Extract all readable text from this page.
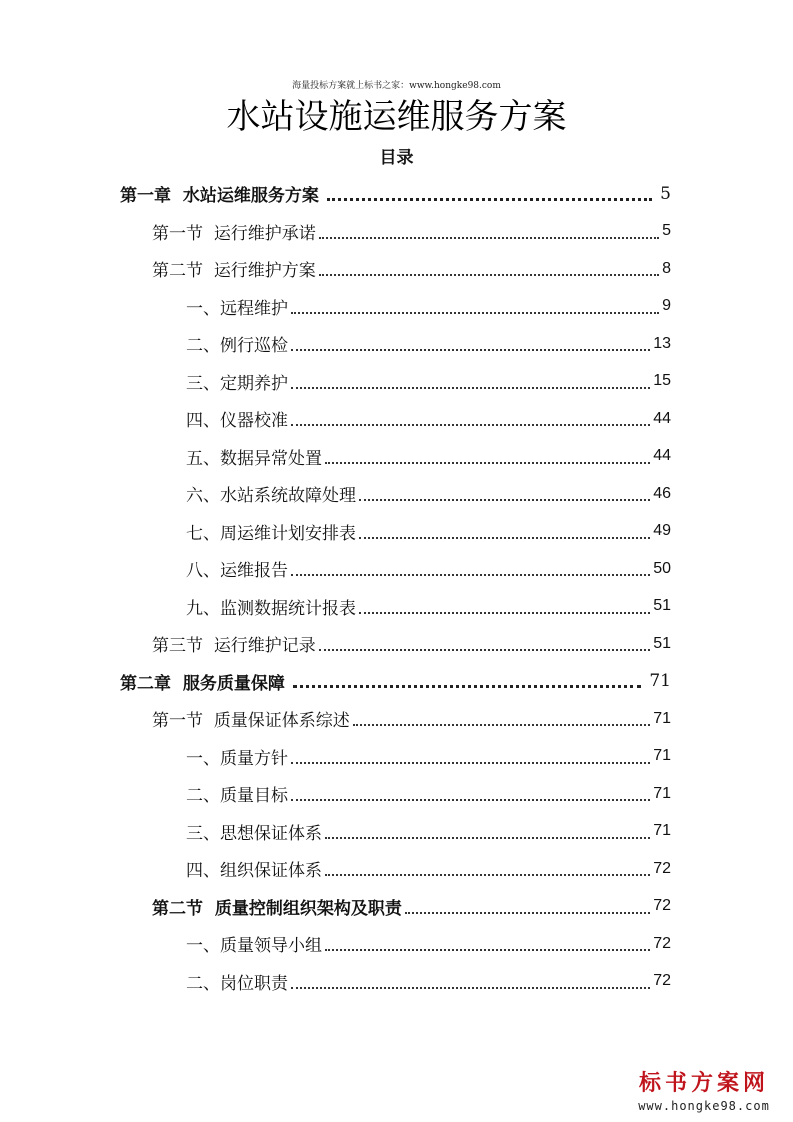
海量投标方案就上标书之家：www.hongke98.com
水站设施运维服务方案
目录
第一章 水站运维服务方案	5
第一节 运行维护承诺	5
第二节 运行维护方案	8
一、 远程维护	9
二、 例行巡检	13
三、 定期养护	15
四、 仪器校准	44
五、 数据异常处置	44
六、 水站系统故障处理	46
七、 周运维计划安排表	49
八、 运维报告	50
九、 监测数据统计报表	51
第三节 运行维护记录	51
第二章 服务质量保障	71
第一节 质量保证体系综述	71
一、 质量方针	71
二、 质量目标	71
三、 思想保证体系	71
四、 组织保证体系	72
第二节 质量控制组织架构及职责	72
一、 质量领导小组	72
二、 岗位职责	72
标书方案网
www.hongke98.com
